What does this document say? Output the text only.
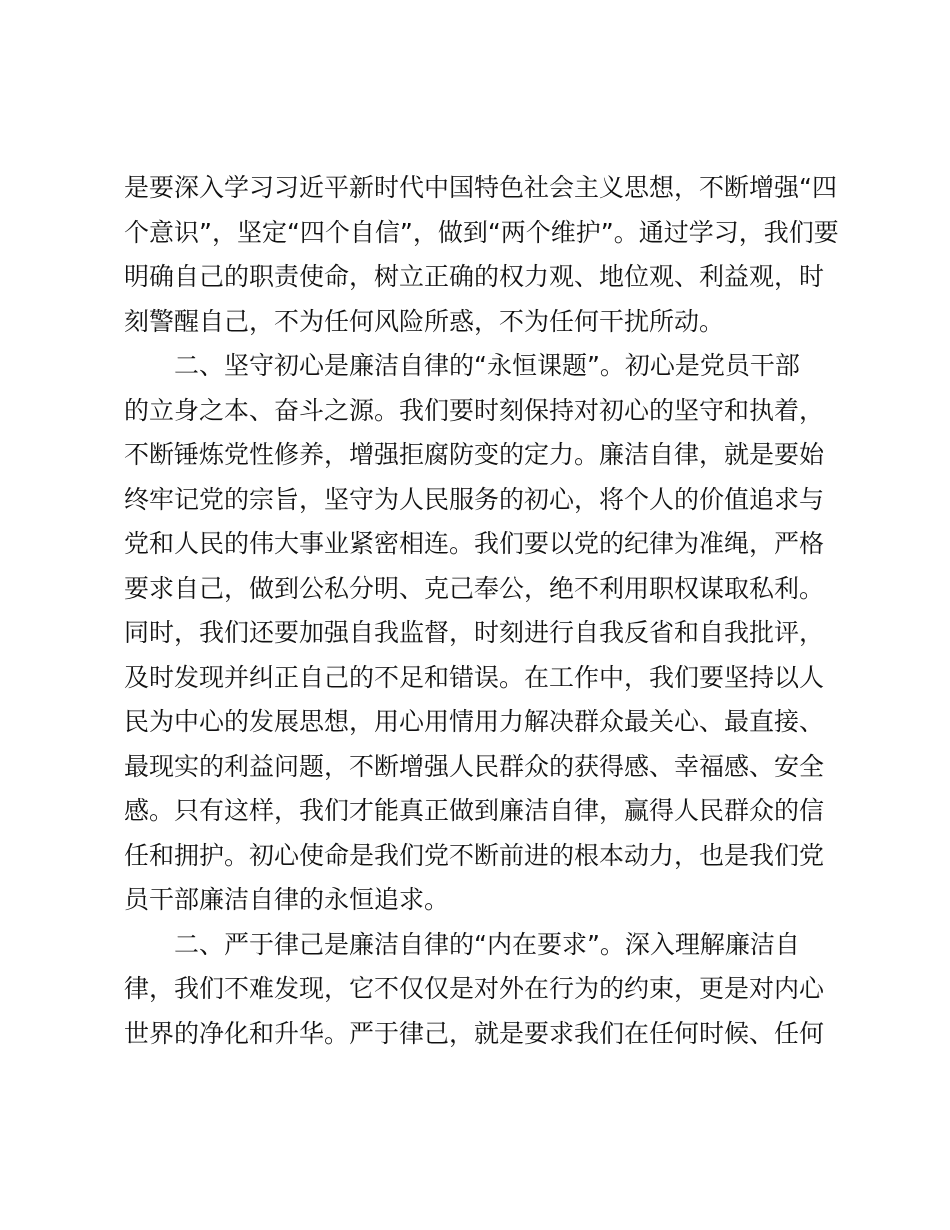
是要深入学习习近平新时代中国特色社会主义思想，不断增强“四
个意识”，坚定“四个自信”，做到“两个维护”。通过学习，我们要
明确自己的职责使命，树立正确的权力观、地位观、利益观，时
刻警醒自己，不为任何风险所惑，不为任何干扰所动。
二、坚守初心是廉洁自律的“永恒课题”。初心是党员干部
的立身之本、奋斗之源。我们要时刻保持对初心的坚守和执着，
不断锤炼党性修养，增强拒腐防变的定力。廉洁自律，就是要始
终牢记党的宗旨，坚守为人民服务的初心，将个人的价值追求与
党和人民的伟大事业紧密相连。我们要以党的纪律为准绳，严格
要求自己，做到公私分明、克己奉公，绝不利用职权谋取私利。
同时，我们还要加强自我监督，时刻进行自我反省和自我批评，
及时发现并纠正自己的不足和错误。在工作中，我们要坚持以人
民为中心的发展思想，用心用情用力解决群众最关心、最直接、
最现实的利益问题，不断增强人民群众的获得感、幸福感、安全
感。只有这样，我们才能真正做到廉洁自律，赢得人民群众的信
任和拥护。初心使命是我们党不断前进的根本动力，也是我们党
员干部廉洁自律的永恒追求。
二、严于律己是廉洁自律的“内在要求”。深入理解廉洁自
律，我们不难发现，它不仅仅是对外在行为的约束，更是对内心
世界的净化和升华。严于律己，就是要求我们在任何时候、任何
